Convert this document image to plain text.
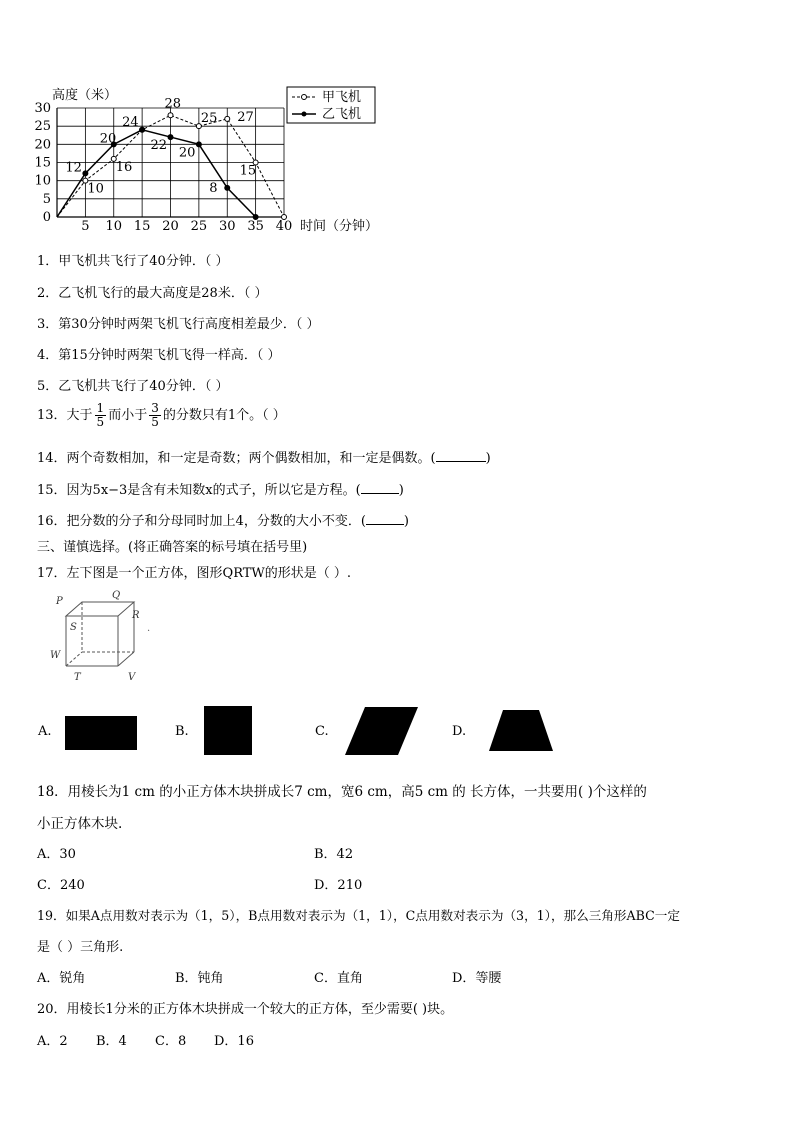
5 10 15 20 25 30 35 40
0
5
10
15
20
25
30
10
16
28
25 27
15
12
20
24
22 20
8
高度（米）
时间（分钟）
甲飞机
乙飞机
1．甲飞机共飞行了40分钟．（ ）
2．乙飞机飞行的最大高度是28米．（ ）
3．第30分钟时两架飞机飞行高度相差最少．（ ）
4．第15分钟时两架飞机飞得一样高．（ ）
5．乙飞机共飞行了40分钟．（ ）
13．大于 $\frac{1}{5}$ 而小于 $\frac{3}{5}$ 的分数只有1个。（ ）
14．两个奇数相加，和一定是奇数；两个偶数相加，和一定是偶数。(	)
15．因为5x−3是含有未知数x的式子，所以它是方程。(	)
16．把分数的分子和分母同时加上4，分数的大小不变．(	)
三、谨慎选择。(将正确答案的标号填在括号里)
17．左下图是一个正方体，图形QRTW的形状是（ ）.
P
Q
R
S
W
T	V
·
A.	B.	C.	D.
18．用棱长为1 cm 的小正方体木块拼成长7 cm，宽6 cm，高5 cm 的 长方体，一共要用( )个这样的
小正方体木块.
A．30	B．42
C．240	D．210
19．如果A点用数对表示为（1，5），B点用数对表示为（1，1），C点用数对表示为（3，1），那么三角形ABC一定
是（ ）三角形.
A．锐角	B．钝角	C．直角	D．等腰
20．用棱长1分米的正方体木块拼成一个较大的正方体，至少需要( )块。
A．2 B．4 C．8 D．16
